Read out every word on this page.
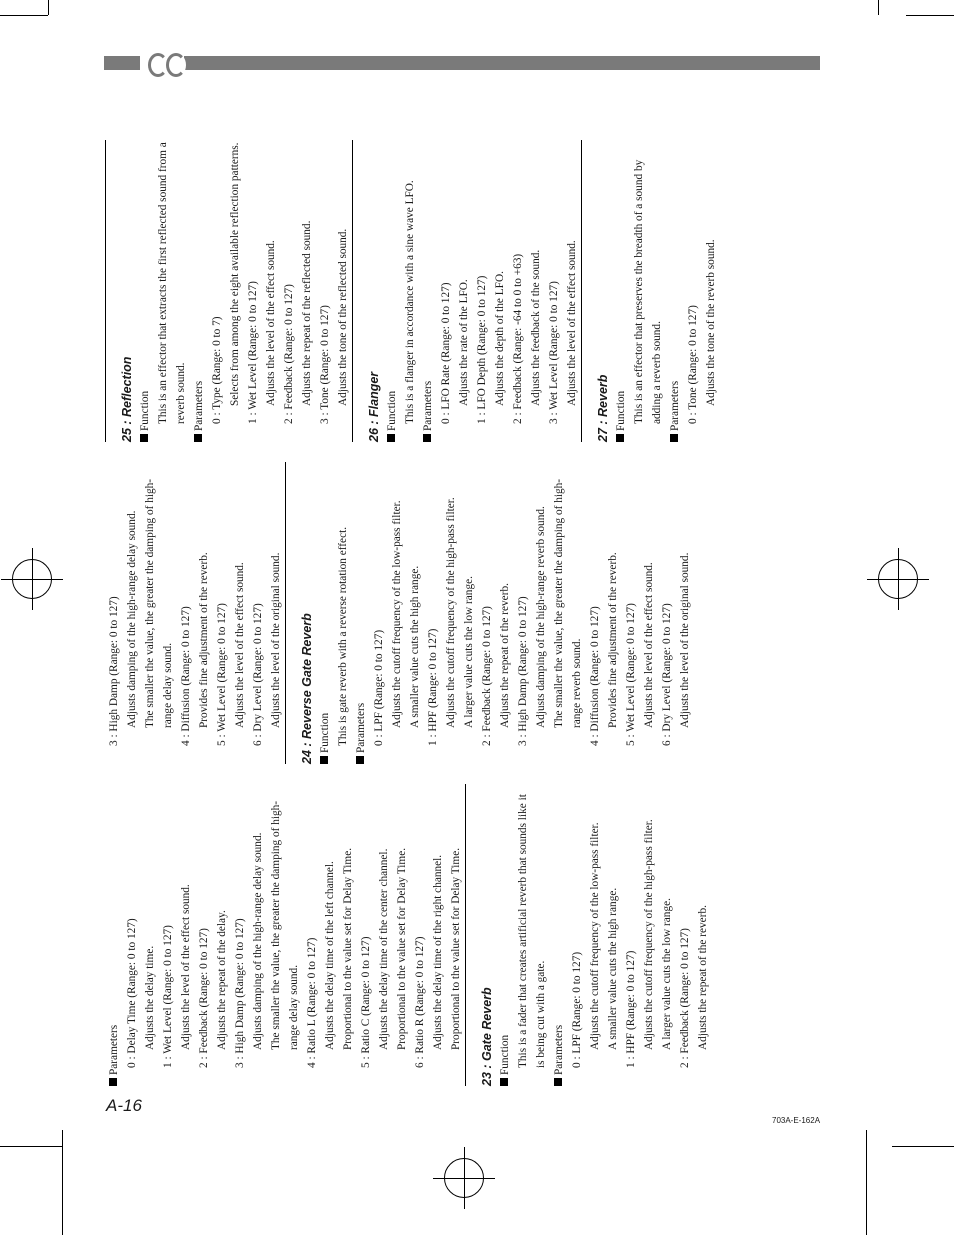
A-16
703A-E-162A
Parameters 0 : Delay Time (Range: 0 to 127) Adjusts the delay time. 1 : Wet Level (Range: 0 to 127) Adjusts the level of the effect sound. 2 : Feedback (Range: 0 to 127) Adjusts the repeat of the delay. 3 : High Damp (Range: 0 to 127) Adjusts damping of the high-range delay sound. The smaller the value, the greater the damping of high-range delay sound. 4 : Ratio L (Range: 0 to 127) Adjusts the delay time of the left channel. Proportional to the value set for Delay Time. 5 : Ratio C (Range: 0 to 127) Adjusts the delay time of the center channel. Proportional to the value set for Delay Time. 6 : Ratio R (Range: 0 to 127) Adjusts the delay time of the right channel. Proportional to the value set for Delay Time.	23 : Gate Reverb Function This is a fader that creates artificial reverb that sounds like it is being cut with a gate. Parameters 0 : LPF (Range: 0 to 127) Adjusts the cutoff frequency of the low-pass filter. A smaller value cuts the high range. 1 : HPF (Range: 0 to 127) Adjusts the cutoff frequency of the high-pass filter. A larger value cuts the low range. 2 : Feedback (Range: 0 to 127) Adjusts the repeat of the reverb.
3 : High Damp (Range: 0 to 127) Adjusts damping of the high-range delay sound. The smaller the value, the greater the damping of high-range delay sound. 4 : Diffusion (Range: 0 to 127) Provides fine adjustment of the reverb. 5 : Wet Level (Range: 0 to 127) Adjusts the level of the effect sound. 6 : Dry Level (Range: 0 to 127) Adjusts the level of the original sound.	24 : Reverse Gate Reverb Function This is gate reverb with a reverse rotation effect. Parameters 0 : LPF (Range: 0 to 127) Adjusts the cutoff frequency of the low-pass filter. A smaller value cuts the high range. 1 : HPF (Range: 0 to 127) Adjusts the cutoff frequency of the high-pass filter. A larger value cuts the low range. 2 : Feedback (Range: 0 to 127) Adjusts the repeat of the reverb. 3 : High Damp (Range: 0 to 127) Adjusts damping of the high-range reverb sound. The smaller the value, the greater the damping of high-range reverb sound. 4 : Diffusion (Range: 0 to 127) Provides fine adjustment of the reverb. 5 : Wet Level (Range: 0 to 127) Adjusts the level of the effect sound. 6 : Dry Level (Range: 0 to 127) Adjusts the level of the original sound.
25 : Reflection Function This is an effector that extracts the first reflected sound from a reverb sound. Parameters 0 : Type (Range: 0 to 7) Selects from among the eight available reflection patterns. 1 : Wet Level (Range: 0 to 127) Adjusts the level of the effect sound. 2 : Feedback (Range: 0 to 127) Adjusts the repeat of the reflected sound. 3 : Tone (Range: 0 to 127) Adjusts the tone of the reflected sound.
26 : Flanger Function This is a flanger in accordance with a sine wave LFO. Parameters 0 : LFO Rate (Range: 0 to 127) Adjusts the rate of the LFO. 1 : LFO Depth (Range: 0 to 127) Adjusts the depth of the LFO. 2 : Feedback (Range: -64 to 0 to +63) Adjusts the feedback of the sound. 3 : Wet Level (Range: 0 to 127) Adjusts the level of the effect sound.
27 : Reverb Function This is an effector that preserves the breadth of a sound by adding a reverb sound. Parameters 0 : Tone (Range: 0 to 127) Adjusts the tone of the reverb sound.
